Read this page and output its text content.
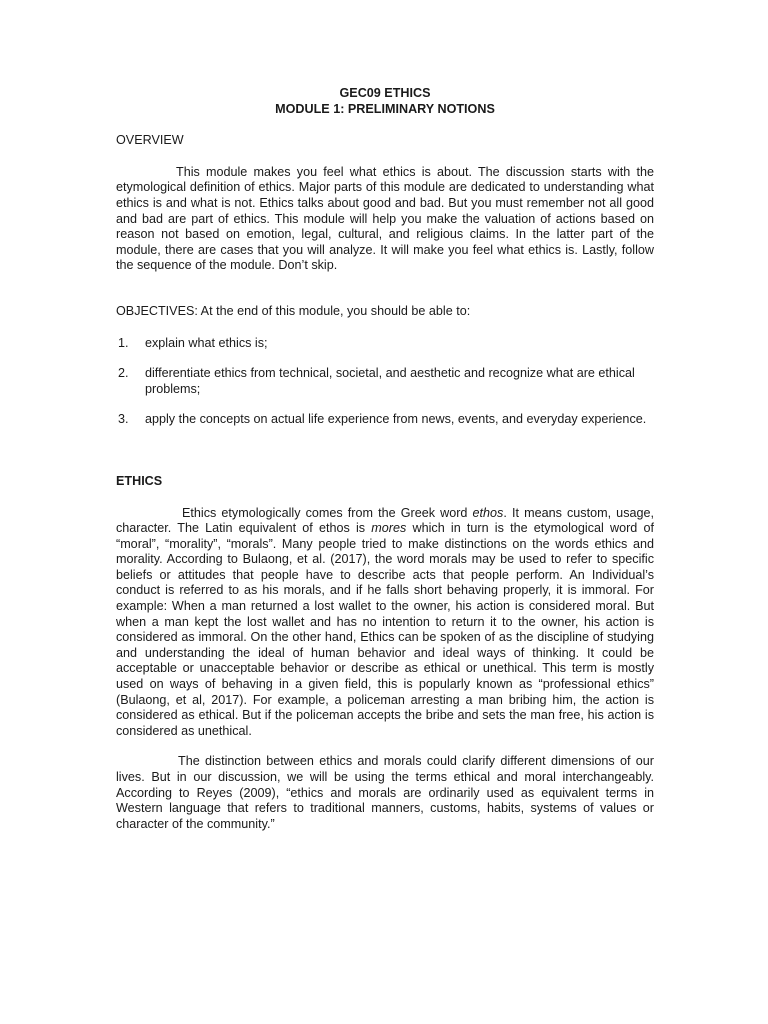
GEC09 ETHICS

MODULE 1: PRELIMINARY NOTIONS

OVERVIEW

This module makes you feel what ethics is about. The discussion starts with the etymological definition of ethics. Major parts of this module are dedicated to understanding what ethics is and what is not. Ethics talks about good and bad. But you must remember not all good and bad are part of ethics. This module will help you make the valuation of actions based on reason not based on emotion, legal, cultural, and religious claims. In the latter part of the module, there are cases that you will analyze. It will make you feel what ethics is. Lastly, follow the sequence of the module. Don’t skip.

OBJECTIVES: At the end of this module, you should be able to:

1.	explain what ethics is;
2.	differentiate ethics from technical, societal, and aesthetic and recognize what are ethical problems;
3.	apply the concepts on actual life experience from news, events, and everyday experience.

ETHICS

Ethics etymologically comes from the Greek word ethos. It means custom, usage, character. The Latin equivalent of ethos is mores which in turn is the etymological word of “moral”, “morality”, “morals”. Many people tried to make distinctions on the words ethics and morality. According to Bulaong, et al. (2017), the word morals may be used to refer to specific beliefs or attitudes that people have to describe acts that people perform. An Individual’s conduct is referred to as his morals, and if he falls short behaving properly, it is immoral. For example: When a man returned a lost wallet to the owner, his action is considered moral. But when a man kept the lost wallet and has no intention to return it to the owner, his action is considered as immoral. On the other hand, Ethics can be spoken of as the discipline of studying and understanding the ideal of human behavior and ideal ways of thinking. It could be acceptable or unacceptable behavior or describe as ethical or unethical. This term is mostly used on ways of behaving in a given field, this is popularly known as “professional ethics” (Bulaong, et al, 2017). For example, a policeman arresting a man bribing him, the action is considered as ethical. But if the policeman accepts the bribe and sets the man free, his action is considered as unethical.

The distinction between ethics and morals could clarify different dimensions of our lives. But in our discussion, we will be using the terms ethical and moral interchangeably. According to Reyes (2009), “ethics and morals are ordinarily used as equivalent terms in Western language that refers to traditional manners, customs, habits, systems of values or character of the community.”
